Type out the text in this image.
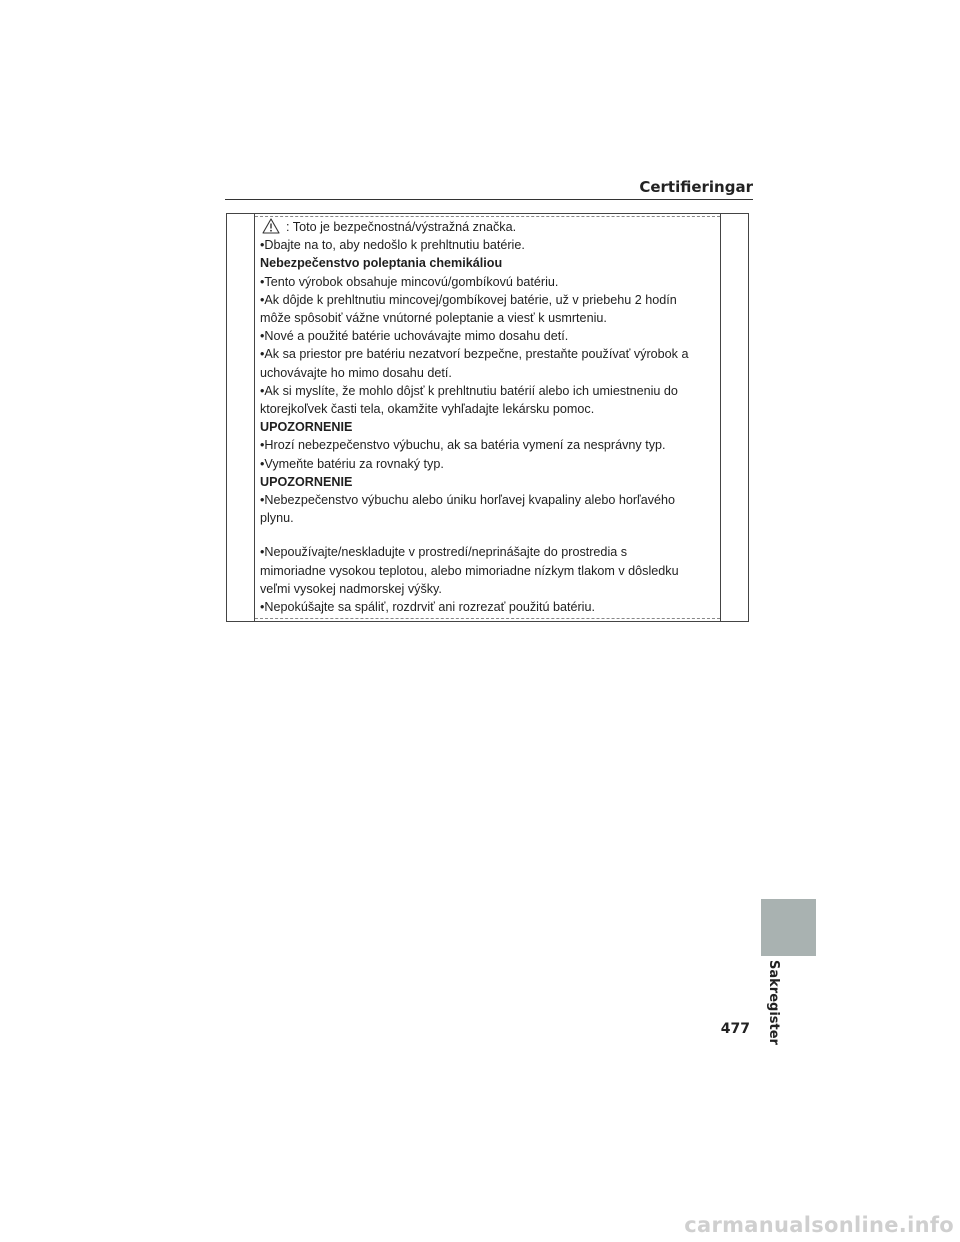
Certifieringar
: Toto je bezpečnostná/výstražná značka.
•Dbajte na to, aby nedošlo k prehltnutiu batérie.
Nebezpečenstvo poleptania chemikáliou
•Tento výrobok obsahuje mincovú/gombíkovú batériu.
•Ak dôjde k prehltnutiu mincovej/gombíkovej batérie, už v priebehu 2 hodín
môže spôsobiť vážne vnútorné poleptanie a viesť k usmrteniu.
•Nové a použité batérie uchovávajte mimo dosahu detí.
•Ak sa priestor pre batériu nezatvorí bezpečne, prestaňte používať výrobok a
uchovávajte ho mimo dosahu detí.
•Ak si myslíte, že mohlo dôjsť k prehltnutiu batérií alebo ich umiestneniu do
ktorejkoľvek časti tela, okamžite vyhľadajte lekársku pomoc.
UPOZORNENIE
•Hrozí nebezpečenstvo výbuchu, ak sa batéria vymení za nesprávny typ.
•Vymeňte batériu za rovnaký typ.
UPOZORNENIE
•Nebezpečenstvo výbuchu alebo úniku horľavej kvapaliny alebo horľavého
plynu.
•Nepoužívajte/neskladujte v prostredí/neprinášajte do prostredia s
mimoriadne vysokou teplotou, alebo mimoriadne nízkym tlakom v dôsledku
veľmi vysokej nadmorskej výšky.
•Nepokúšajte sa spáliť, rozdrviť ani rozrezať použitú batériu.
Sakregister
477
carmanualsonline.info
